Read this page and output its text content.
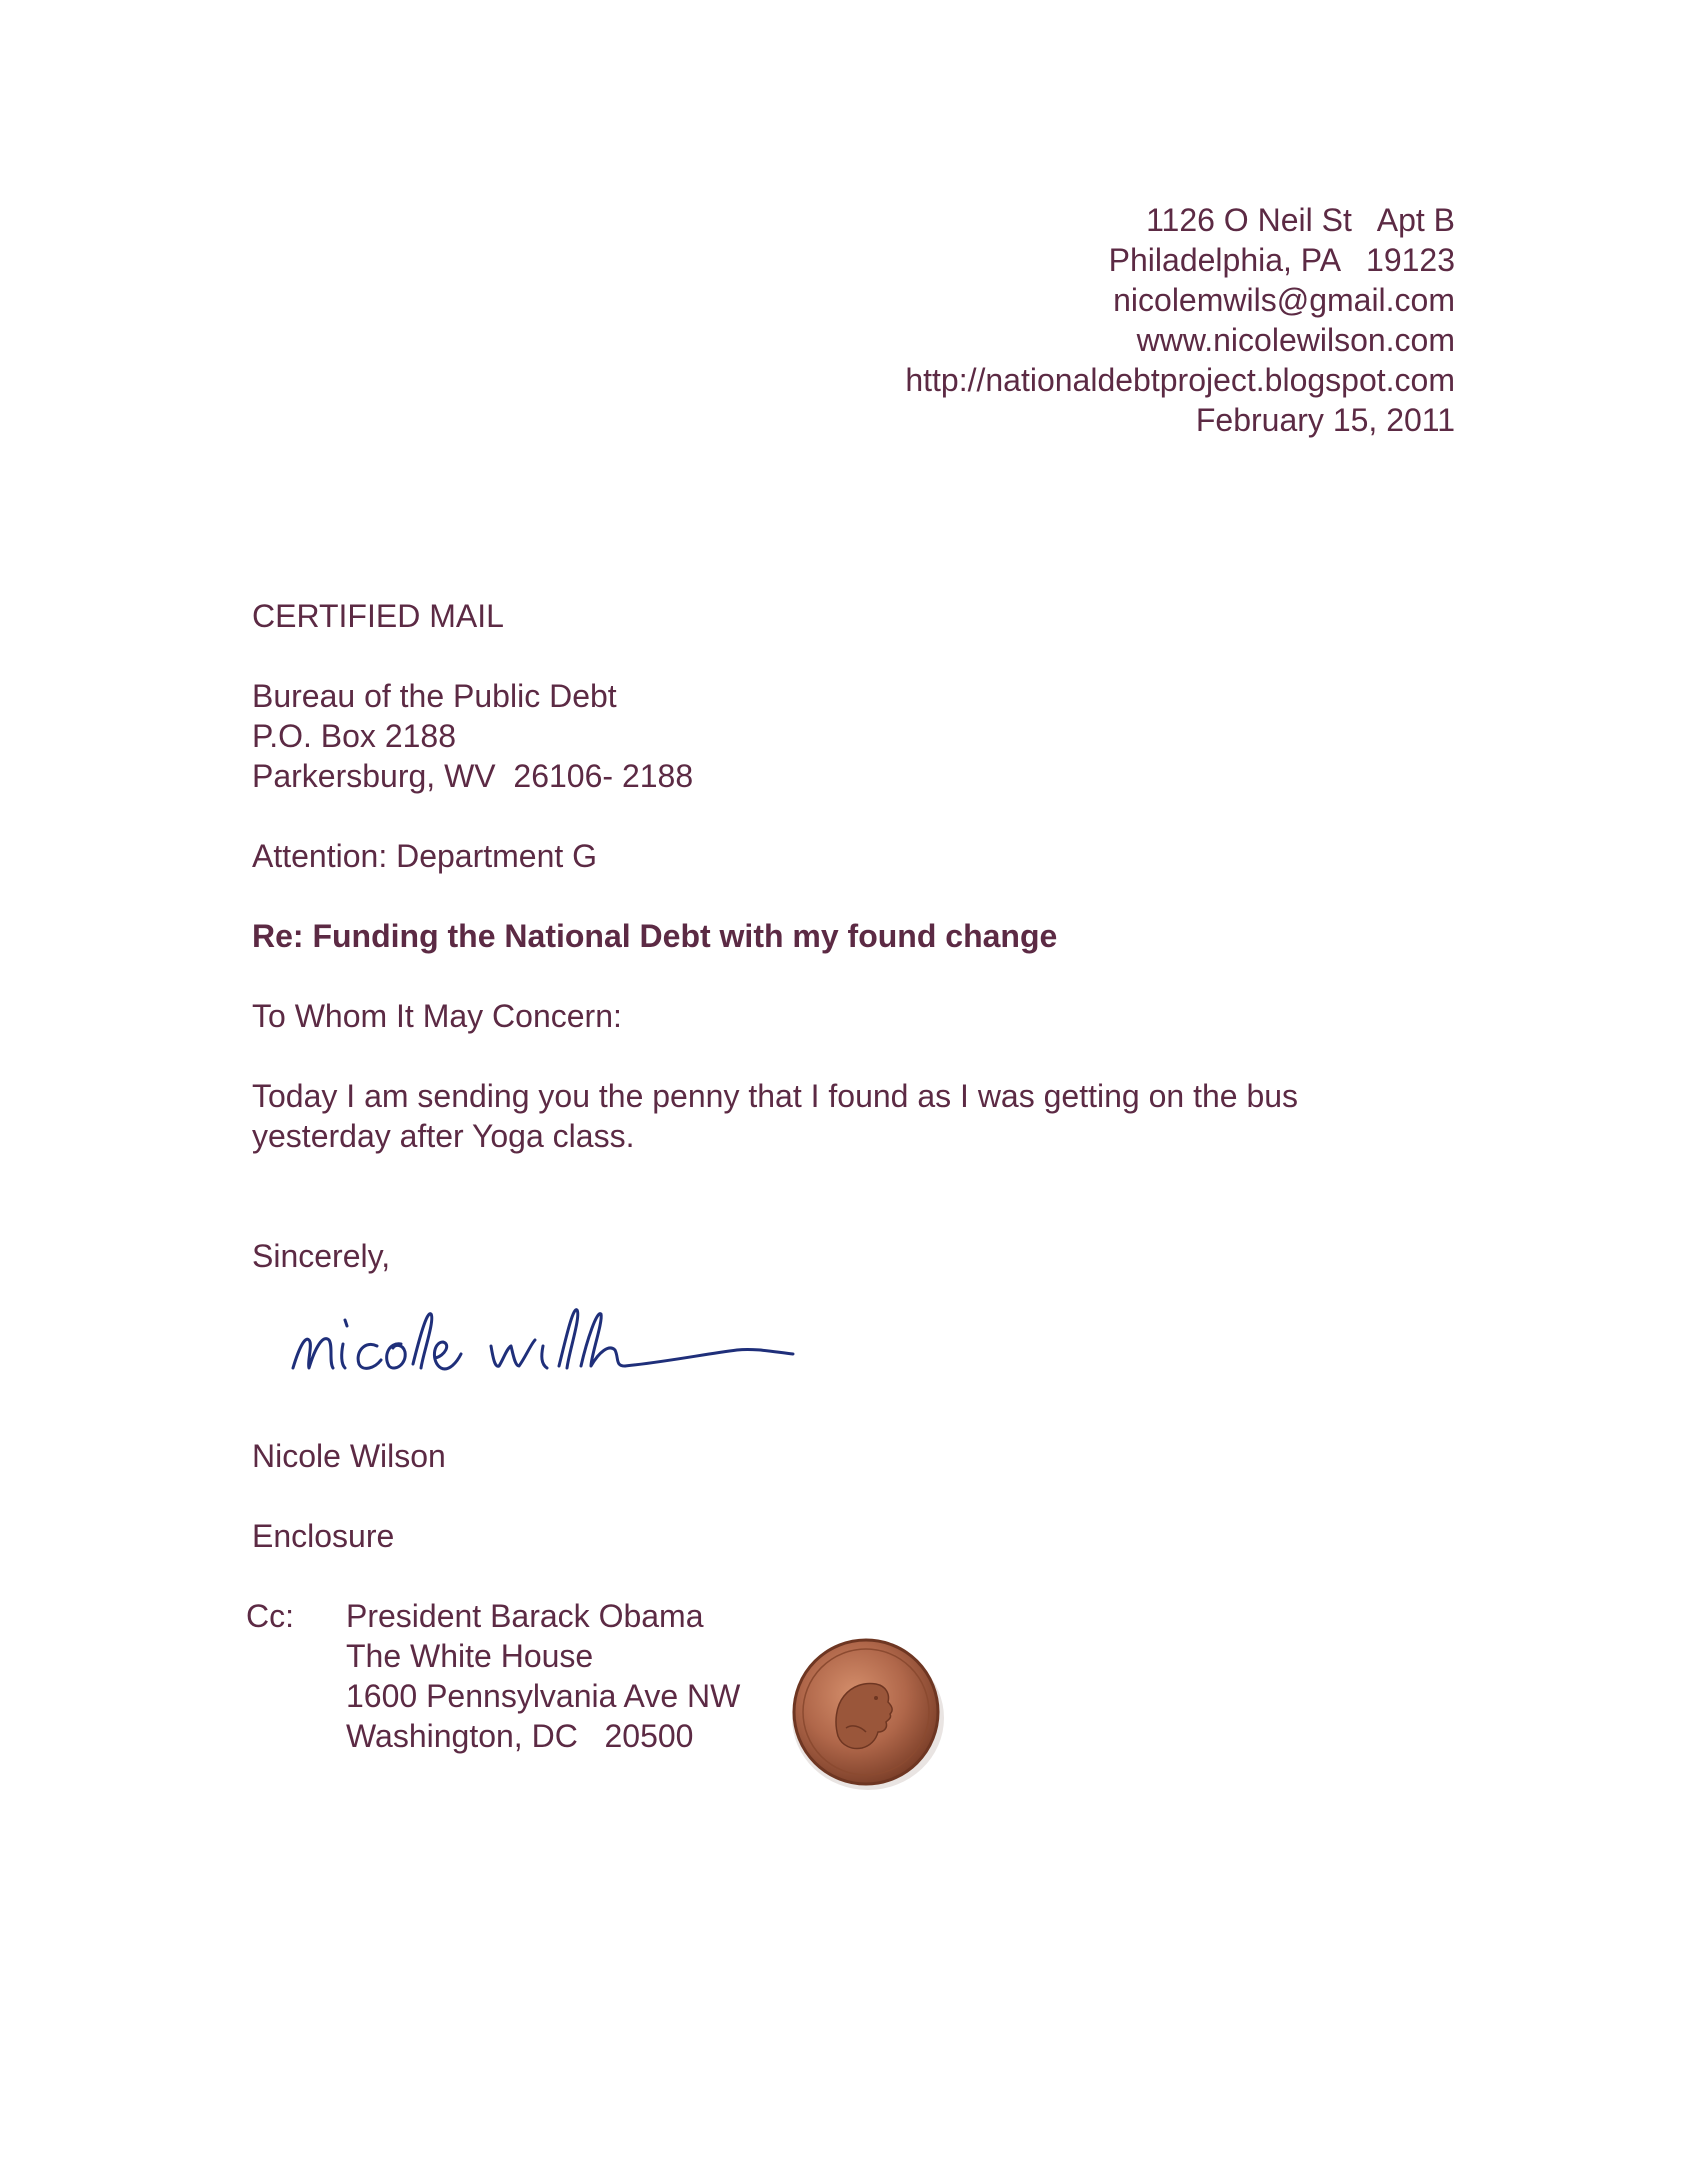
1126 O Neil St   Apt B
Philadelphia, PA   19123
nicolemwils@gmail.com
www.nicolewilson.com
http://nationaldebtproject.blogspot.com
February 15, 2011
CERTIFIED MAIL
Bureau of the Public Debt
P.O. Box 2188
Parkersburg, WV  26106- 2188
Attention: Department G
Re: Funding the National Debt with my found change
To Whom It May Concern:
Today I am sending you the penny that I found as I was getting on the bus
yesterday after Yoga class.
Sincerely,
Nicole Wilson
Enclosure
Cc: President Barack Obama
The White House
1600 Pennsylvania Ave NW
Washington, DC   20500
